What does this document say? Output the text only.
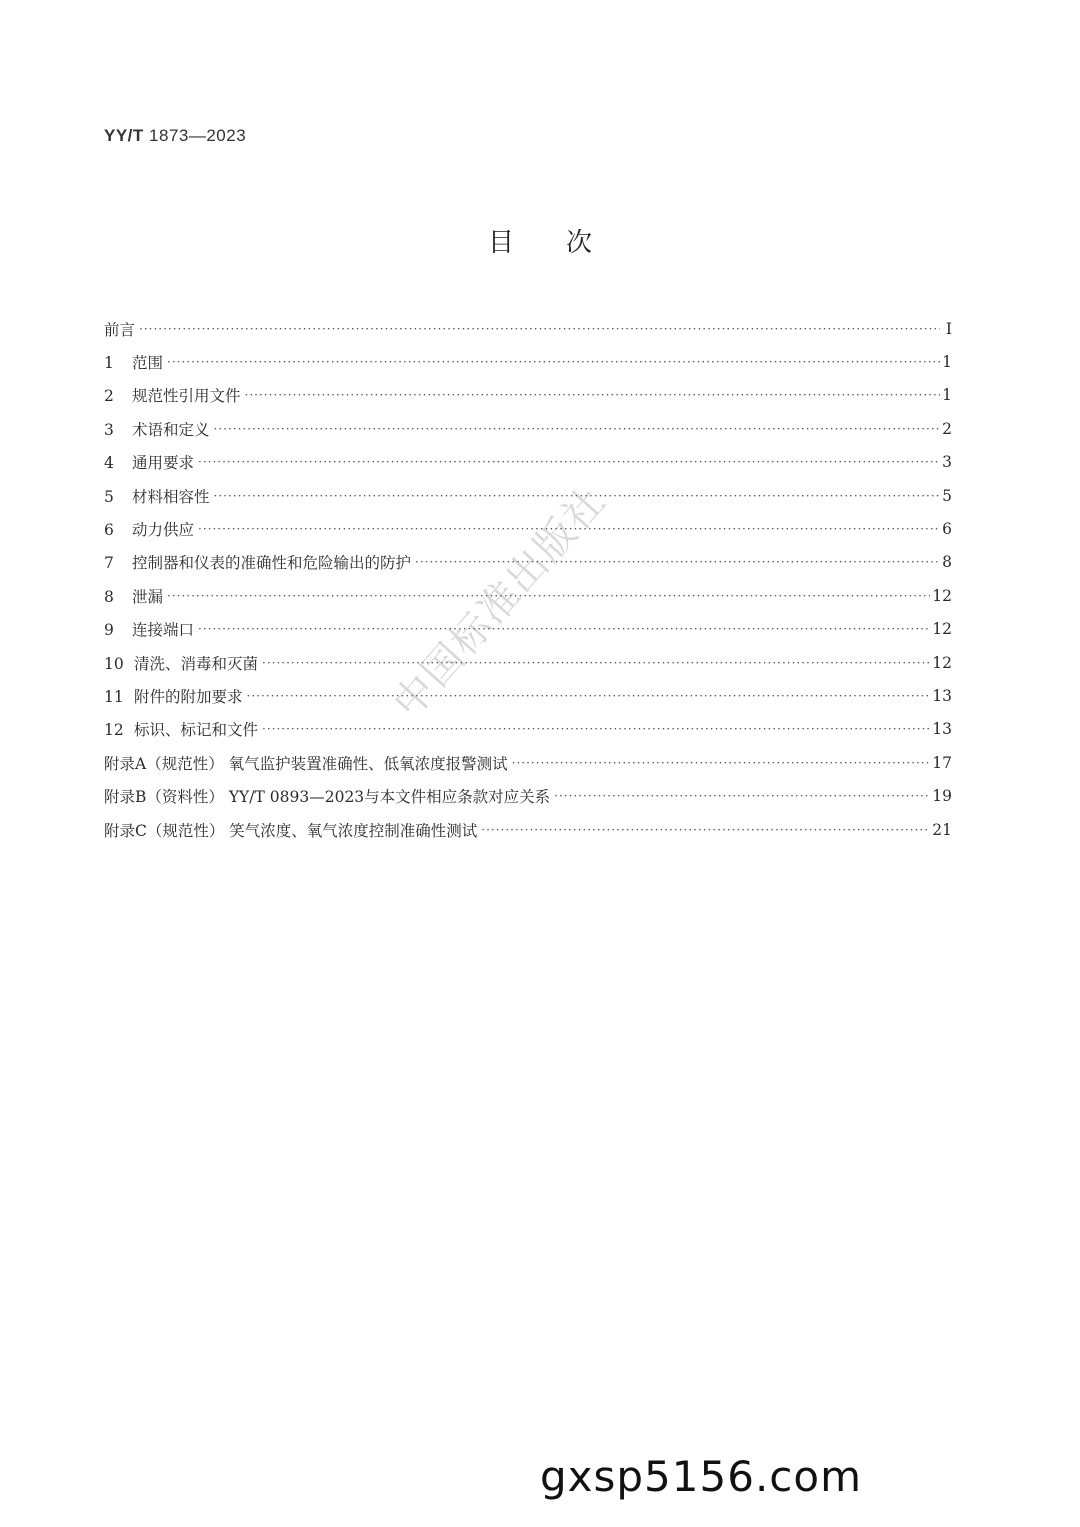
YY/T 1873—2023
目次
前言 ·····	I
1 范围 ·····	1
2 规范性引用文件 ·····	1
3 术语和定义 ·····	2
4 通用要求 ·····	3
5 材料相容性 ·····	5
6 动力供应 ·····	6
7 控制器和仪表的准确性和危险输出的防护 ·····	8
8 泄漏 ·····	12
9 连接端口 ·····	12
10 清洗、消毒和灭菌 ·····	12
11 附件的附加要求 ·····	13
12 标识、标记和文件 ·····	13
附录A（规范性） 氧气监护装置准确性、低氧浓度报警测试 ·····	17
附录B（资料性） YY/T 0893—2023与本文件相应条款对应关系 ·····	19
附录C（规范性） 笑气浓度、氧气浓度控制准确性测试 ·····	21
中国标准出版社
gxsp5156.com
